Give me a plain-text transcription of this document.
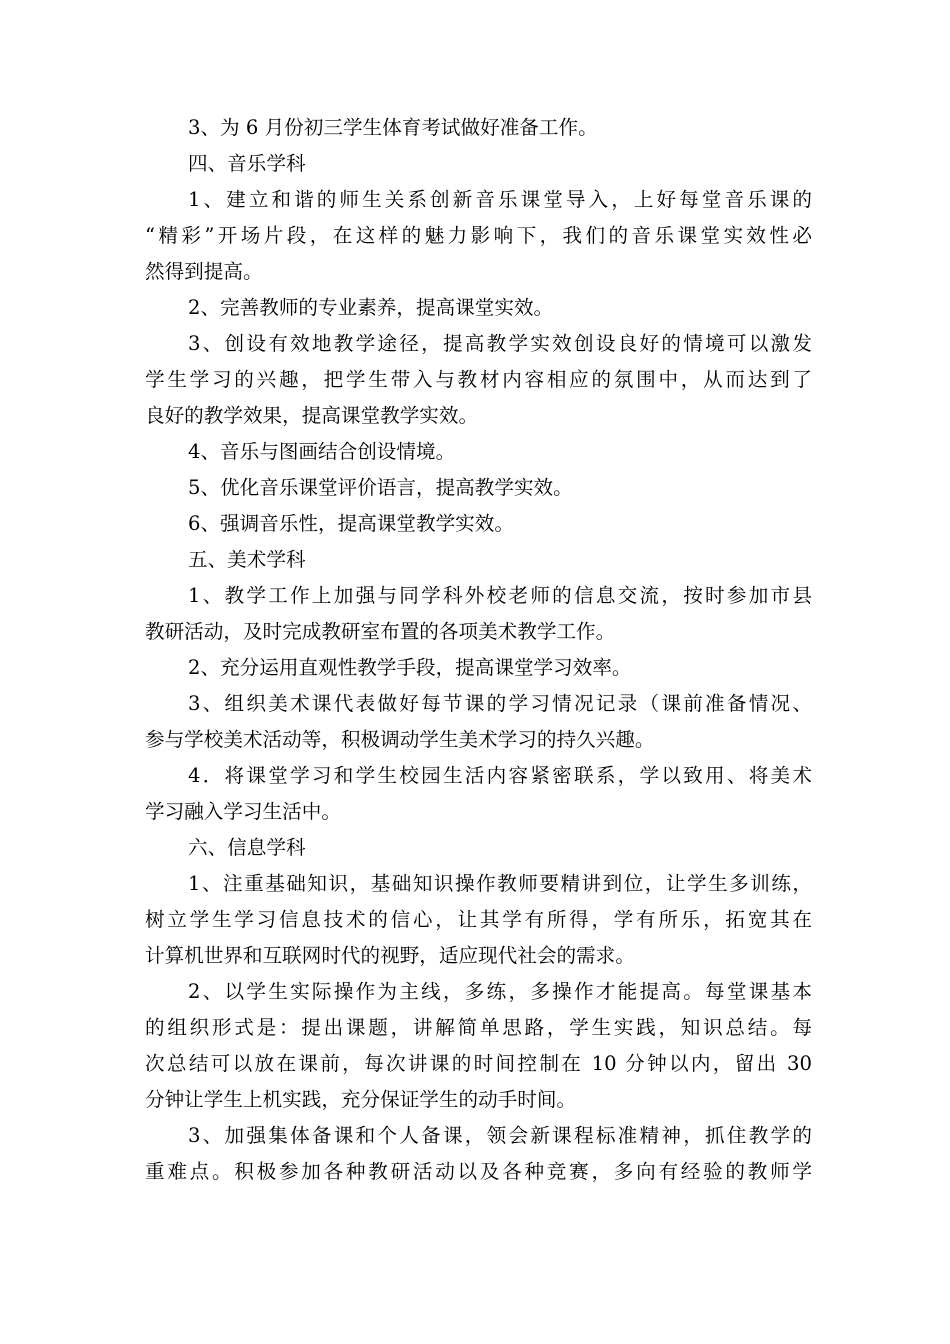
3、为 6 月份初三学生体育考试做好准备工作。

四、音乐学科

1、建立和谐的师生关系创新音乐课堂导入，上好每堂音乐课的

“精彩”开场片段，在这样的魅力影响下，我们的音乐课堂实效性必

然得到提高。

2、完善教师的专业素养，提高课堂实效。

3、创设有效地教学途径，提高教学实效创设良好的情境可以激发

学生学习的兴趣，把学生带入与教材内容相应的氛围中，从而达到了

良好的教学效果，提高课堂教学实效。

4、音乐与图画结合创设情境。

5、优化音乐课堂评价语言，提高教学实效。

6、强调音乐性，提高课堂教学实效。

五、美术学科

1、教学工作上加强与同学科外校老师的信息交流，按时参加市县

教研活动，及时完成教研室布置的各项美术教学工作。

2、充分运用直观性教学手段，提高课堂学习效率。

3、组织美术课代表做好每节课的学习情况记录（课前准备情况、

参与学校美术活动等，积极调动学生美术学习的持久兴趣。

4．将课堂学习和学生校园生活内容紧密联系，学以致用、将美术

学习融入学习生活中。

六、信息学科

1、注重基础知识，基础知识操作教师要精讲到位，让学生多训练，

树立学生学习信息技术的信心，让其学有所得，学有所乐，拓宽其在

计算机世界和互联网时代的视野，适应现代社会的需求。

2、以学生实际操作为主线，多练，多操作才能提高。每堂课基本

的组织形式是：提出课题，讲解简单思路，学生实践，知识总结。每

次总结可以放在课前，每次讲课的时间控制在 10 分钟以内，留出 30

分钟让学生上机实践，充分保证学生的动手时间。

3、加强集体备课和个人备课，领会新课程标准精神，抓住教学的

重难点。积极参加各种教研活动以及各种竞赛，多向有经验的教师学
